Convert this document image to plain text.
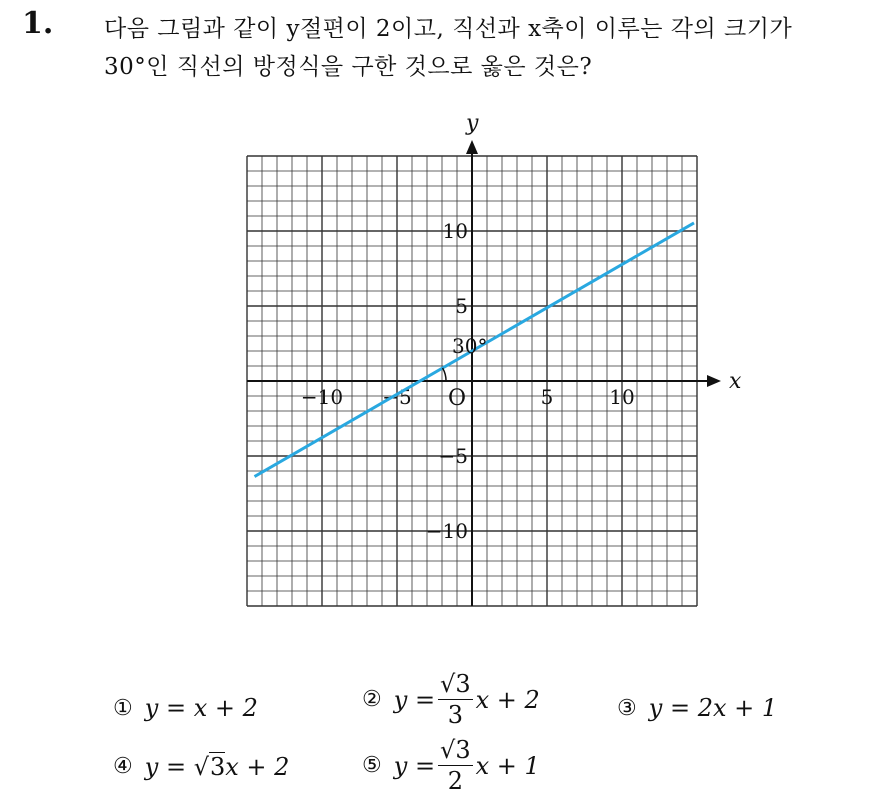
1. 다음 그림과 같이 y절편이 2이고, 직선과 x축이 이루는 각의 크기가
30°인 직선의 방정식을 구한 것으로 옳은 것은?
−10 −5	5	10
10
5
−5
−10
x
y
O
30°
① y
=
x + 2	② y
= $\frac{√3}{3}$ x + 2	③ y
=
2x + 1
④ y
=
√ 3 x + 2	⑤ y
= $\frac{√3}{2}$ x + 1
